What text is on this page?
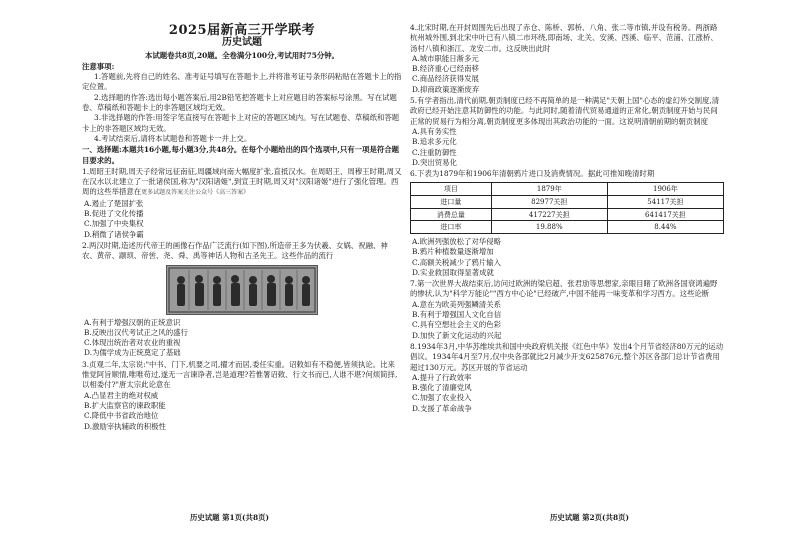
2025届新高三开学联考
历史试题
本试题卷共8页,20题。全卷满分100分,考试用时75分钟。
注意事项:
1.答题前,先将自己的姓名、准考证号填写在答题卡上,并将准考证号条形码粘贴在答题卡上的指定位置。
2.选择题的作答:选出每小题答案后,用2B铅笔把答题卡上对应题目的答案标号涂黑。写在试题卷、草稿纸和答题卡上的非答题区域均无效。
3.非选择题的作答:用签字笔直接写在答题卡上对应的答题区域内。写在试题卷、草稿纸和答题卡上的非答题区域均无效。
4.考试结束后,请将本试题卷和答题卡一并上交。
一、选择题:本题共16小题,每小题3分,共48分。在每个小题给出的四个选项中,只有一项是符合题目要求的。
1.周昭王时期,周天子经常远征南征,周疆域向南大幅度扩张,直抵汉水。在周昭王、周穆王时期,周又在汉水以北建立了一批诸侯国,称为"汉阳诸姬",到宣王时期,周又对"汉阳诸姬"进行了强化管理。西周的这些举措意在更多试题及答案关注公众号《高三答案》
A.遏止了楚国扩张
B.促进了文化传播
C.加强了中央集权
D.稍微了诸侯争霸
2.两汉时期,造述历代帝王的画像石作品广泛流行(如下图),所造帝王多为伏羲、女娲、祝融、神农、黄帝、颛顼、帝喾、尧、舜、禹等神话人物和古圣先王。这些作品的流行
A.有利于增强汉朝的正统意识
B.反映出汉代考试正之风的盛行
C.体现出统治者对农业的重视
D.为儒学成为正统奠定了基础
3.贞观二年,太宗说:"中书、门下,机要之司,擢才而居,委任实重。诏敕如有不稳便,皆须执论。比来惟觉阿旨顺情,唯唯苟过,遂无一言谏诤者,岂是道理?若惟署诏敕、行文书而已,人谁不堪?何烦简择,以相委付?"唐太宗此论意在
A.凸显君主的绝对权威
B.扩大监察官的谏政职能
C.降低中书省政治地位
D.激励宰执辅政的积极性
4.北宋时期,在开封周围先后出现了赤仓、陈桥、郭桥、八角、张二等市镇,并设有税务。两浙路杭州城外围,到北宋中叶已有八镇二市环绕,即南场、北关、安溪、西溪、临平、范浦、江涨桥、汤村八镇和浙江、龙安二市。这反映出此时
A.城市职能日渐多元
B.经济重心已经南移
C.商品经济获得发展
D.抑商政策逐渐废弃
5.有学者指出,清代前期,朝贡制度已经不再简单的是一种满足"天朝上国"心态的虚幻外交制度,清政府已经开始注意其防御性的功能。与此同时,随着清代贸易通道的正常化,朝贡制度开始与民间正常的贸易行为相分离,朝贡制度更多体现出其政治功能的一面。这说明清朝前期的朝贡制度
A.具有务实性
B.追求多元化
C.注重防御性
D.突出贸易化
6.下表为1879年和1906年清朝鸦片进口及消费情况。据此可推知晚清时期
项目	1879年	1906年
进口量	82977关担	54117关担
消费总量	417227关担	641417关担
进口率	19.88%	8.44%
A.欧洲列强放松了对华侵略
B.鸦片种植数量逐渐增加
C.高额关税减少了鸦片输入
D.实业救国取得显著成就
7.第一次世界大战结束后,访问过欧洲的梁启超、张君劢等思想家,亲眼目睹了欧洲各国衰鸿遍野的惨状,认为"科学万能论""西方中心论"已经破产,中国不能再一味变革和学习西方。这些论断
A.意在为欧美列强鳞清关系
B.有利于增强国人文化自信
C.具有空想社会主义的色彩
D.加快了新文化运动的兴起
8.1934年3月,中华苏维埃共和国中央政府机关报《红色中华》发出4个月节省经济80万元的运动倡议。1934年4月至7月,仅中央各部就比2月减少开支625876元,整个苏区各部门总计节省费用超过130万元。苏区开展的节省运动
A.提升了行政效率
B.强化了清廉党风
C.加强了农业投入
D.支援了革命战争
历史试题 第1页(共8页)	历史试题 第2页(共8页)
